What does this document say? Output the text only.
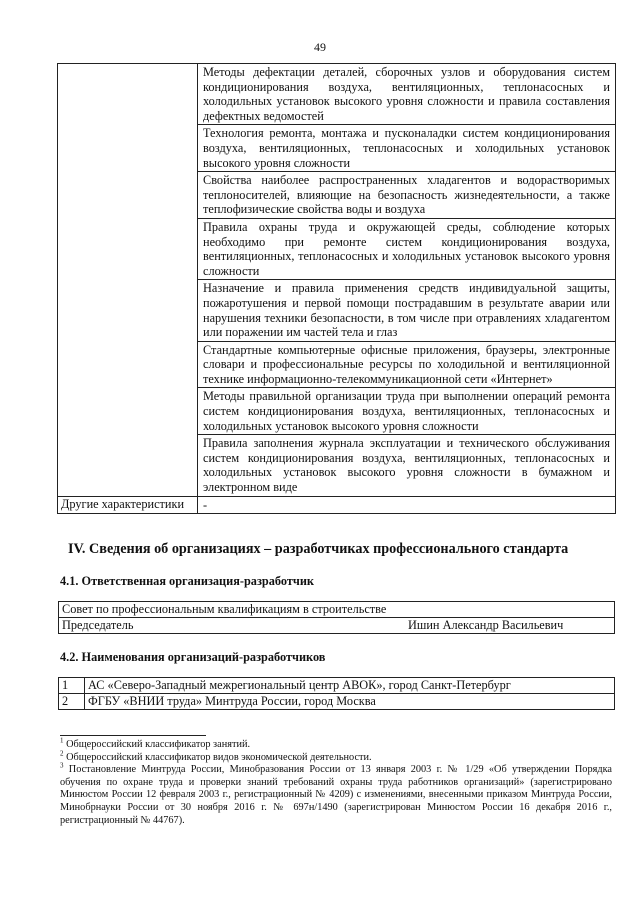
49
	Методы дефектации деталей, сборочных узлов и оборудования систем кондиционирования воздуха, вентиляционных, теплонасосных и холодильных установок высокого уровня сложности и правила составления дефектных ведомостей
	Технология ремонта, монтажа и пусконаладки систем кондиционирования воздуха, вентиляционных, теплонасосных и холодильных установок высокого уровня сложности
	Свойства наиболее распространенных хладагентов и водорастворимых теплоносителей, влияющие на безопасность жизнедеятельности, а также теплофизические свойства воды и воздуха
	Правила охраны труда и окружающей среды, соблюдение которых необходимо при ремонте систем кондиционирования воздуха, вентиляционных, теплонасосных и холодильных установок высокого уровня сложности
	Назначение и правила применения средств индивидуальной защиты, пожаротушения и первой помощи пострадавшим в результате аварии или нарушения техники безопасности, в том числе при отравлениях хладагентом или поражении им частей тела и глаз
	Стандартные компьютерные офисные приложения, браузеры, электронные словари и профессиональные ресурсы по холодильной и вентиляционной технике информационно-телекоммуникационной сети «Интернет»
	Методы правильной организации труда при выполнении операций ремонта систем кондиционирования воздуха, вентиляционных, теплонасосных и холодильных установок высокого уровня сложности
	Правила заполнения журнала эксплуатации и технического обслуживания систем кондиционирования воздуха, вентиляционных, теплонасосных и холодильных установок высокого уровня сложности в бумажном и электронном виде
Другие характеристики	-
IV. Сведения об организациях – разработчиках профессионального стандарта
4.1. Ответственная организация-разработчик
Совет по профессиональным квалификациям в строительстве
Председатель	Ишин Александр Васильевич
4.2. Наименования организаций-разработчиков
1	АС «Северо-Западный межрегиональный центр АВОК», город Санкт-Петербург
2	ФГБУ «ВНИИ труда» Минтруда России, город Москва

$^1$ Общероссийский классификатор занятий.

$^2$ Общероссийский классификатор видов экономической деятельности.

$^3$ Постановление Минтруда России, Минобразования России от 13 января 2003 г. № 1/29 «Об утверждении Порядка обучения по охране труда и проверки знаний требований охраны труда работников организаций» (зарегистрировано Минюстом России 12 февраля 2003 г., регистрационный № 4209) с изменениями, внесенными приказом Минтруда России, Минобрнауки России от 30 ноября 2016 г. № 697н/1490 (зарегистрирован Минюстом России 16 декабря 2016 г., регистрационный № 44767).
